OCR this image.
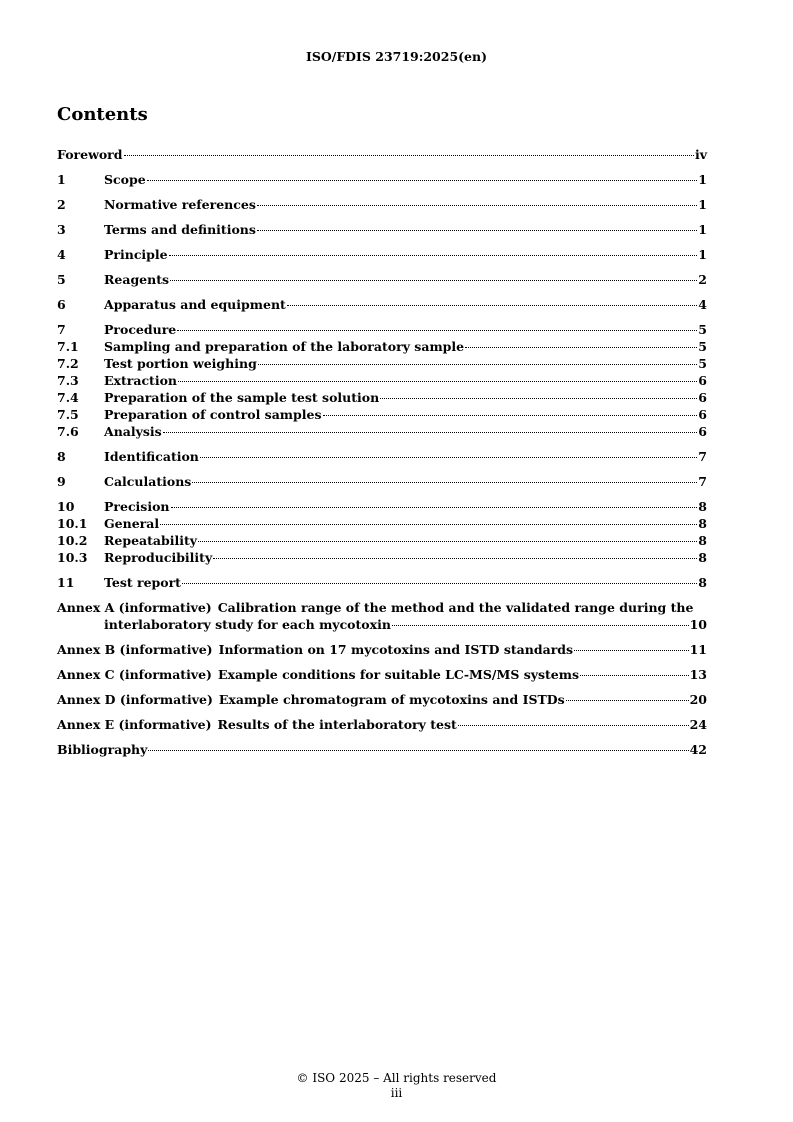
ISO/FDIS 23719:2025(en)
Contents
Foreword	iv
1	Scope	1
2	Normative references	1
3	Terms and definitions	1
4	Principle	1
5	Reagents	2
6	Apparatus and equipment	4
7	Procedure	5
7.1	Sampling and preparation of the laboratory sample	5
7.2	Test portion weighing	5
7.3	Extraction	6
7.4	Preparation of the sample test solution	6
7.5	Preparation of control samples	6
7.6	Analysis	6
8	Identification	7
9	Calculations	7
10	Precision	8
10.1	General	8
10.2	Repeatability	8
10.3	Reproducibility	8
11	Test report	8
Annex A (informative) Calibration range of the method and the validated range during the
interlaboratory study for each mycotoxin	10
Annex B (informative) Information on 17 mycotoxins and ISTD standards	11
Annex C (informative) Example conditions for suitable LC-MS/MS systems	13
Annex D (informative) Example chromatogram of mycotoxins and ISTDs	20
Annex E (informative) Results of the interlaboratory test	24
Bibliography	42
© ISO 2025 – All rights reserved
iii
